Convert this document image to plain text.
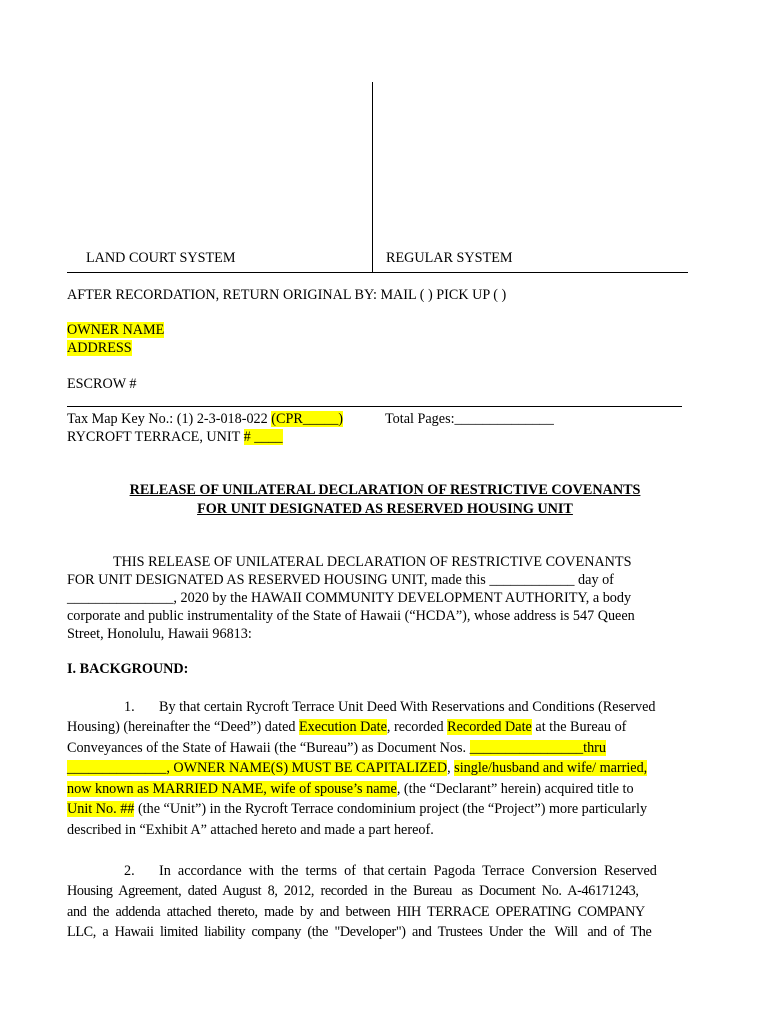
LAND COURT SYSTEM	REGULAR SYSTEM
AFTER RECORDATION, RETURN ORIGINAL BY: MAIL ( ) PICK UP ( )
OWNER NAME
ADDRESS
ESCROW #
Tax Map Key No.: (1) 2-3-018-022 (CPR_____)	Total Pages:______________
RYCROFT TERRACE, UNIT # ____
RELEASE OF UNILATERAL DECLARATION OF RESTRICTIVE COVENANTS
FOR UNIT DESIGNATED AS RESERVED HOUSING UNIT
THIS RELEASE OF UNILATERAL DECLARATION OF RESTRICTIVE COVENANTS
FOR UNIT DESIGNATED AS RESERVED HOUSING UNIT, made this ____________ day of
_______________, 2020 by the HAWAII COMMUNITY DEVELOPMENT AUTHORITY, a body
corporate and public instrumentality of the State of Hawaii (“HCDA”), whose address is 547 Queen
Street, Honolulu, Hawaii 96813:
I. BACKGROUND:
1. By that certain Rycroft Terrace Unit Deed With Reservations and Conditions (Reserved
Housing) (hereinafter the “Deed”) dated Execution Date, recorded Recorded Date at the Bureau of
Conveyances of the State of Hawaii (the “Bureau”) as Document Nos. ________________thru
______________, OWNER NAME(S) MUST BE CAPITALIZED, single/husband and wife/ married,
now known as MARRIED NAME, wife of spouse’s name, (the “Declarant” herein) acquired title to
Unit No. ## (the “Unit”) in the Rycroft Terrace condominium project (the “Project”) more particularly
described in “Exhibit A” attached hereto and made a part hereof.
2. In  accordance  with  the  terms  of  that certain  Pagoda  Terrace  Conversion  Reserved
Housing  Agreement,  dated  August  8,  2012,  recorded  in  the  Bureau   as  Document  No.  A-46171243,
and  the  addenda  attached  thereto,  made  by  and  between  HIH  TERRACE  OPERATING  COMPANY
LLC,  a  Hawaii  limited  liability  company  (the  "Developer")  and  Trustees  Under  the   Will   and  of  The
